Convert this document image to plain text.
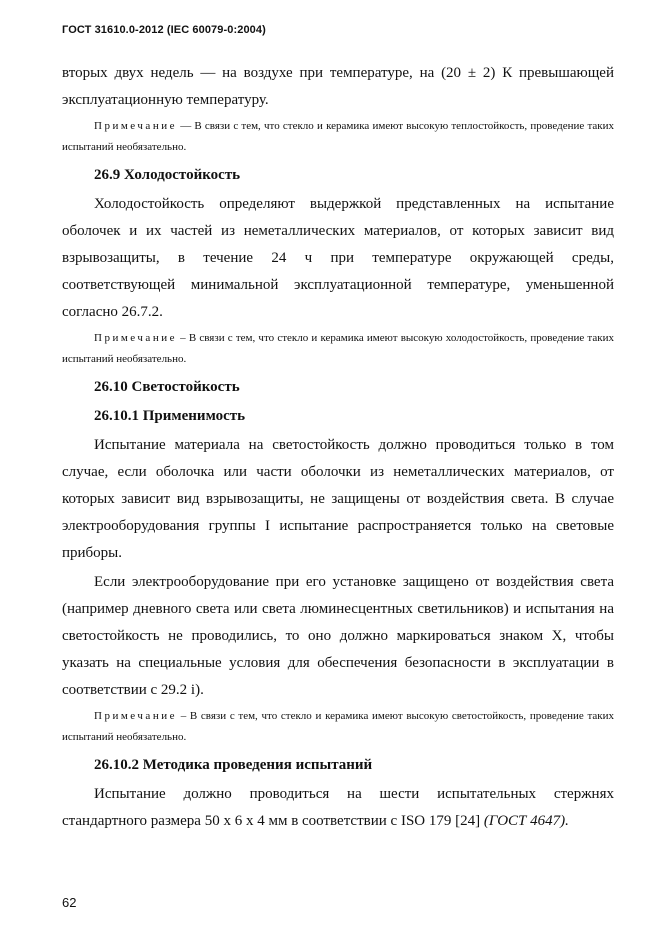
ГОСТ 31610.0-2012 (IEC 60079-0:2004)

вторых двух недель — на воздухе при температуре, на (20 ± 2) К превышающей эксплуатационную температуру.

Примечание — В связи с тем, что стекло и керамика имеют высокую теплостойкость, проведение таких испытаний необязательно.

26.9 Холодостойкость

Холодостойкость определяют выдержкой представленных на испытание оболочек и их частей из неметаллических материалов, от которых зависит вид взрывозащиты, в течение 24 ч при температуре окружающей среды, соответствующей минимальной эксплуатационной температуре, уменьшенной согласно 26.7.2.

Примечание – В связи с тем, что стекло и керамика имеют высокую холодостойкость, проведение таких испытаний необязательно.

26.10 Светостойкость
26.10.1 Применимость

Испытание материала на светостойкость должно проводиться только в том случае, если оболочка или части оболочки из неметаллических материалов, от которых зависит вид взрывозащиты, не защищены от воздействия света. В случае электрооборудования группы I испытание распространяется только на световые приборы.

Если электрооборудование при его установке защищено от воздействия света (например дневного света или света люминесцентных светильников) и испытания на светостойкость не проводились, то оно должно маркироваться знаком X, чтобы указать на специальные условия для обеспечения безопасности в эксплуатации в соответствии с 29.2 i).

Примечание – В связи с тем, что стекло и керамика имеют высокую светостойкость, проведение таких испытаний необязательно.

26.10.2 Методика проведения испытаний

Испытание должно проводиться на шести испытательных стержнях стандартного размера 50 x 6 x 4 мм в соответствии с ISO 179 [24] (ГОСТ 4647).

62
